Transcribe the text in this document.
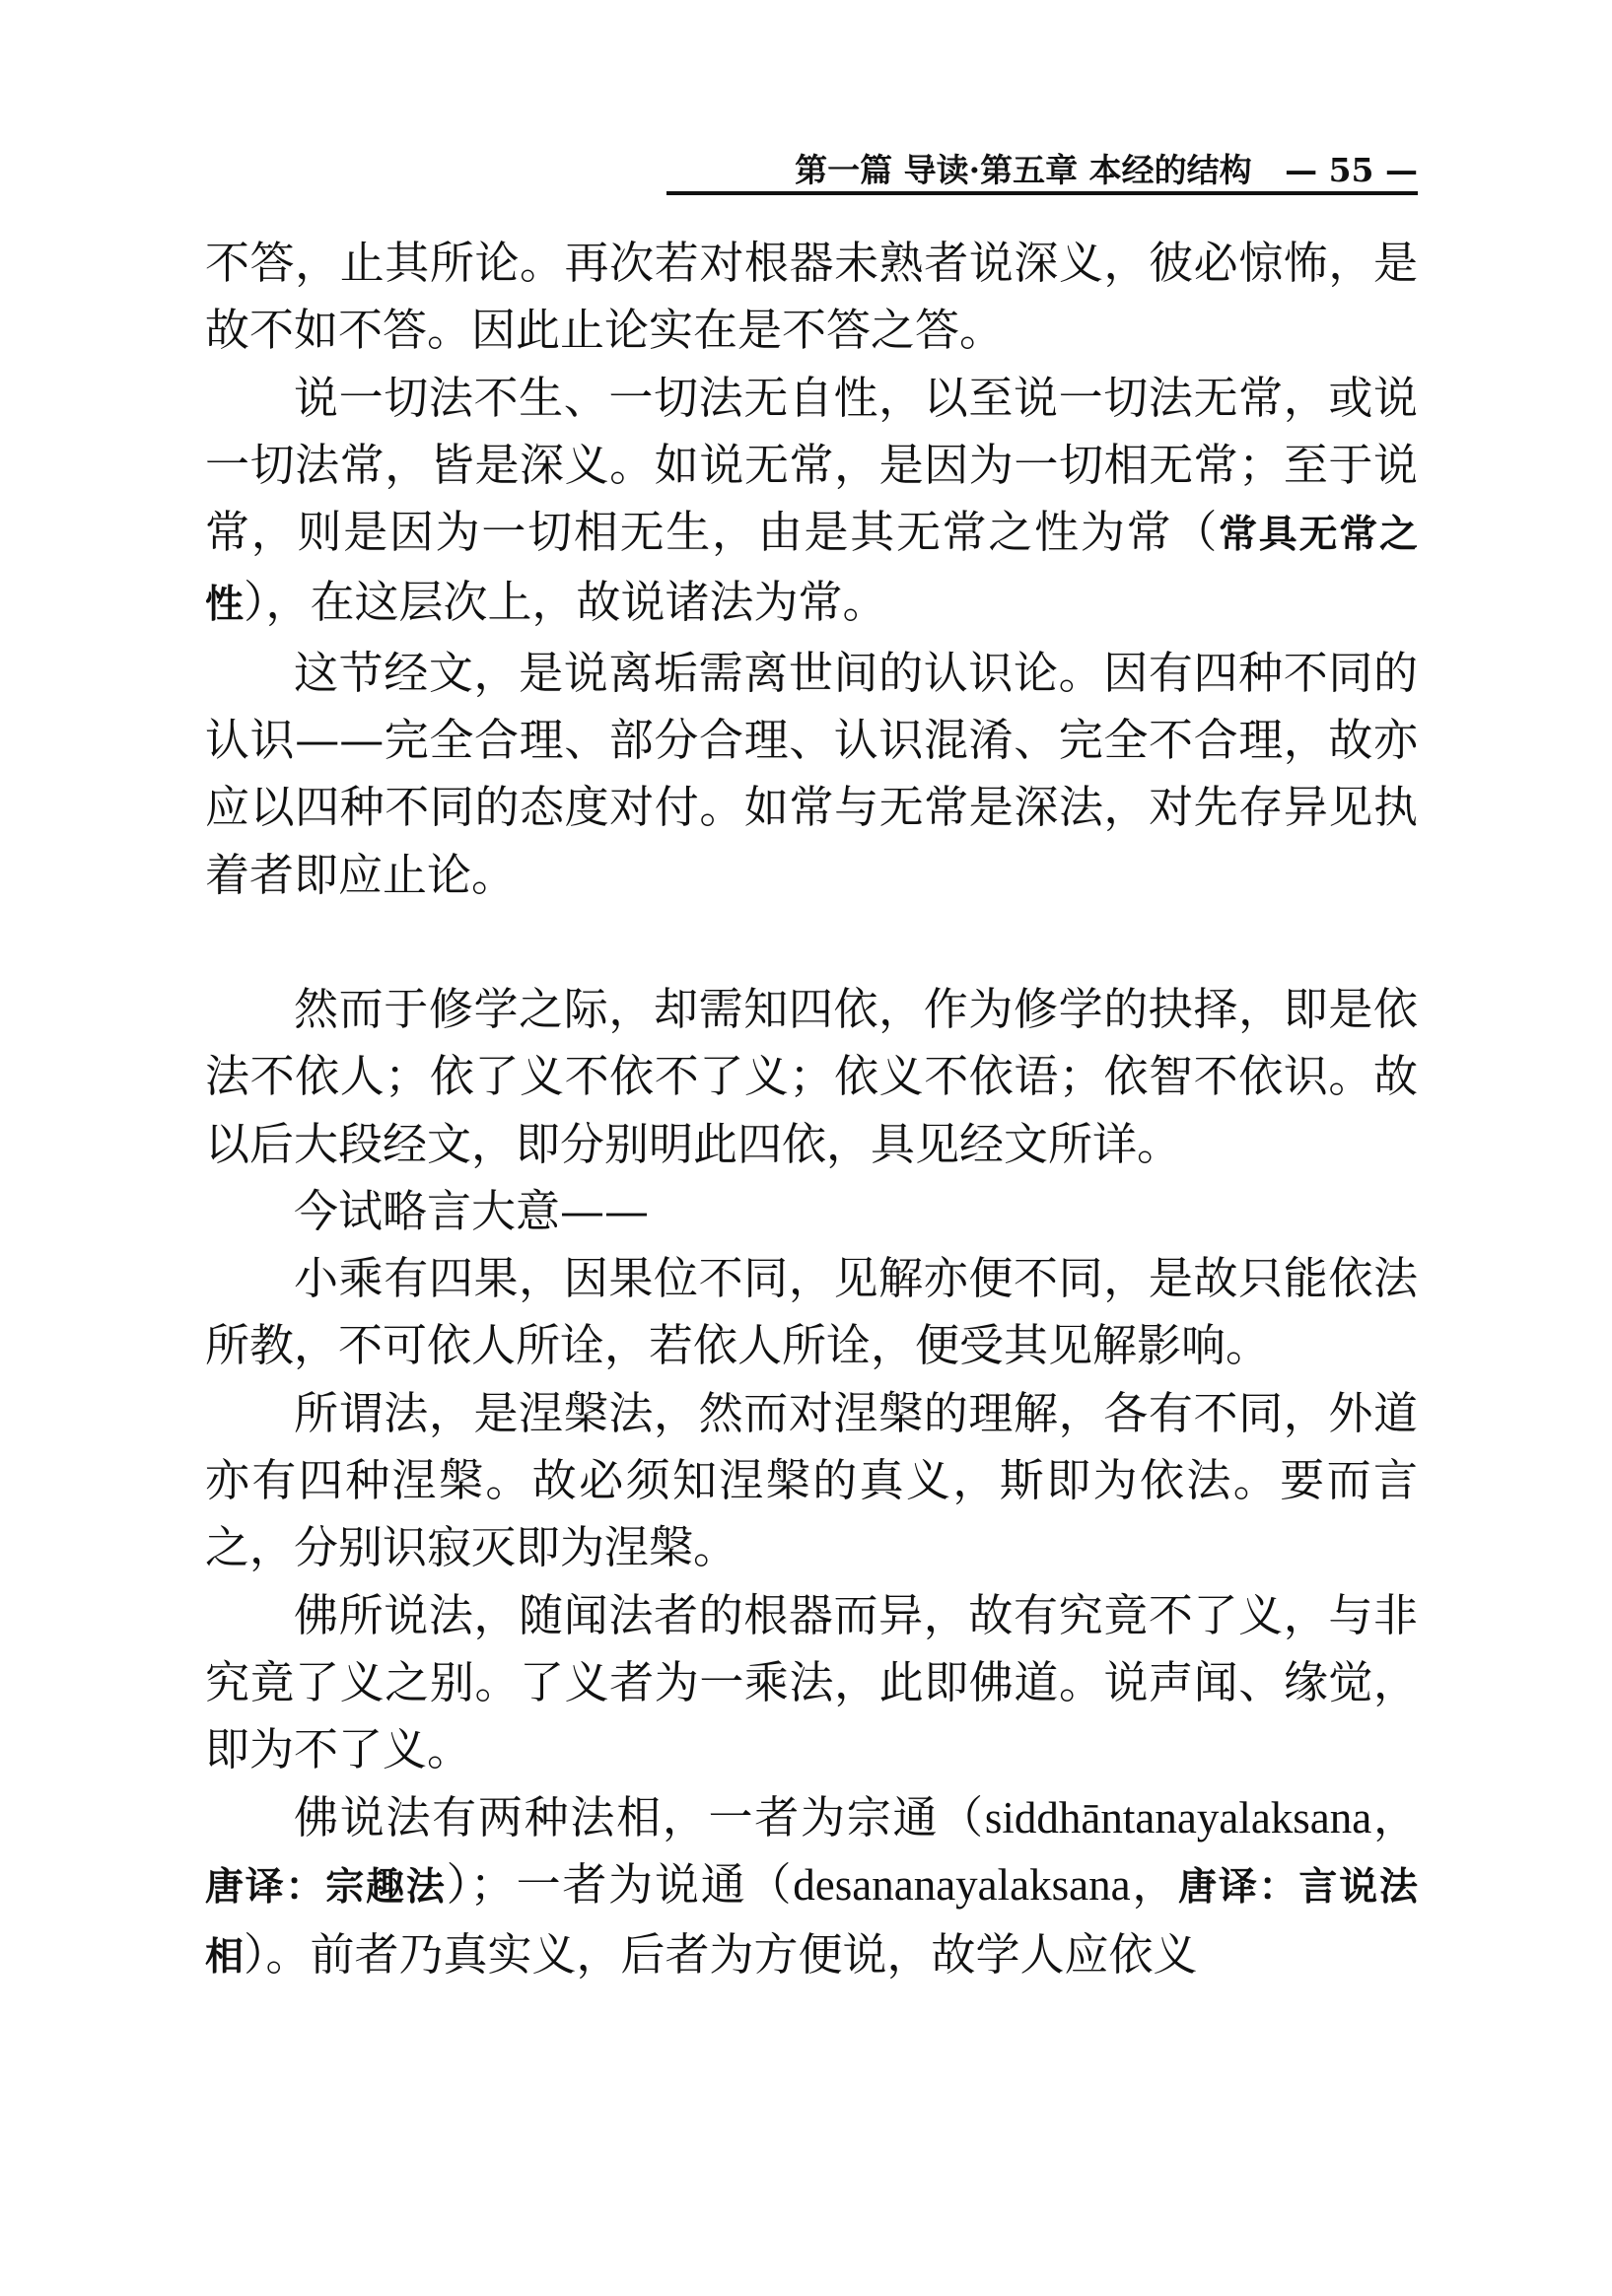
第一篇 导读·第五章 本经的结构 — 55 —

不答，止其所论。再次若对根器未熟者说深义，彼必惊怖，是故不如不答。因此止论实在是不答之答。

说一切法不生、一切法无自性，以至说一切法无常，或说一切法常，皆是深义。如说无常，是因为一切相无常；至于说常，则是因为一切相无生，由是其无常之性为常（常具无常之性），在这层次上，故说诸法为常。

这节经文，是说离垢需离世间的认识论。因有四种不同的认识——完全合理、部分合理、认识混淆、完全不合理，故亦应以四种不同的态度对付。如常与无常是深法，对先存异见执着者即应止论。

然而于修学之际，却需知四依，作为修学的抉择，即是依法不依人；依了义不依不了义；依义不依语；依智不依识。故以后大段经文，即分别明此四依，具见经文所详。

今试略言大意——

小乘有四果，因果位不同，见解亦便不同，是故只能依法所教，不可依人所诠，若依人所诠，便受其见解影响。

所谓法，是涅槃法，然而对涅槃的理解，各有不同，外道亦有四种涅槃。故必须知涅槃的真义，斯即为依法。要而言之，分别识寂灭即为涅槃。

佛所说法，随闻法者的根器而异，故有究竟不了义，与非究竟了义之别。了义者为一乘法，此即佛道。说声闻、缘觉，即为不了义。

佛说法有两种法相，一者为宗通（siddhāntanayalaksana，唐译：宗趣法）；一者为说通（desananayalaksana，唐译：言说法相）。前者乃真实义，后者为方便说，故学人应依义
